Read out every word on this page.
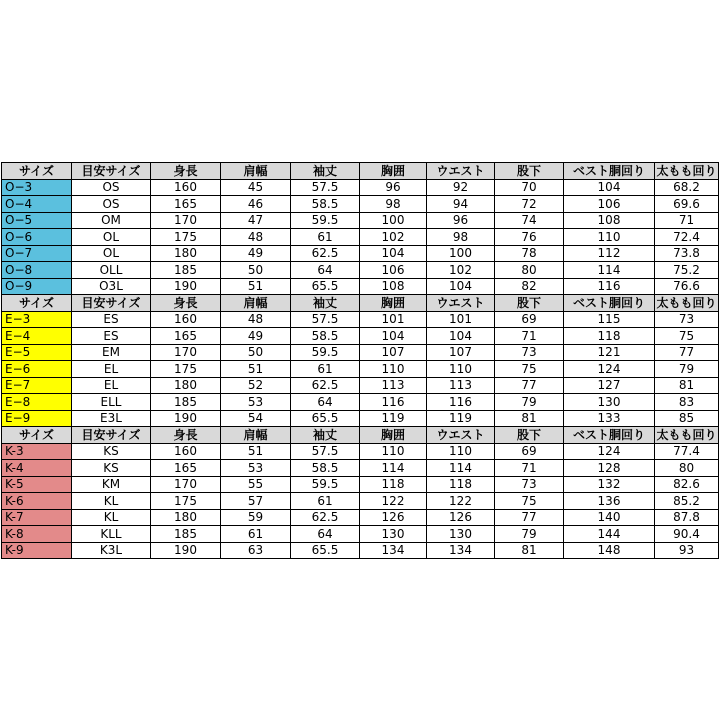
サイズ	目安サイズ	身長	肩幅	袖丈	胸囲	ウエスト	股下	ベスト胴回り	太もも回り
O−3	OS	160	45	57.5	96	92	70	104	68.2
O−4	OS	165	46	58.5	98	94	72	106	69.6
O−5	OM	170	47	59.5	100	96	74	108	71
O−6	OL	175	48	61	102	98	76	110	72.4
O−7	OL	180	49	62.5	104	100	78	112	73.8
O−8	OLL	185	50	64	106	102	80	114	75.2
O−9	O3L	190	51	65.5	108	104	82	116	76.6
サイズ	目安サイズ	身長	肩幅	袖丈	胸囲	ウエスト	股下	ベスト胴回り	太もも回り
E−3	ES	160	48	57.5	101	101	69	115	73
E−4	ES	165	49	58.5	104	104	71	118	75
E−5	EM	170	50	59.5	107	107	73	121	77
E−6	EL	175	51	61	110	110	75	124	79
E−7	EL	180	52	62.5	113	113	77	127	81
E−8	ELL	185	53	64	116	116	79	130	83
E−9	E3L	190	54	65.5	119	119	81	133	85
サイズ	目安サイズ	身長	肩幅	袖丈	胸囲	ウエスト	股下	ベスト胴回り	太もも回り
K-3	KS	160	51	57.5	110	110	69	124	77.4
K-4	KS	165	53	58.5	114	114	71	128	80
K-5	KM	170	55	59.5	118	118	73	132	82.6
K-6	KL	175	57	61	122	122	75	136	85.2
K-7	KL	180	59	62.5	126	126	77	140	87.8
K-8	KLL	185	61	64	130	130	79	144	90.4
K-9	K3L	190	63	65.5	134	134	81	148	93
